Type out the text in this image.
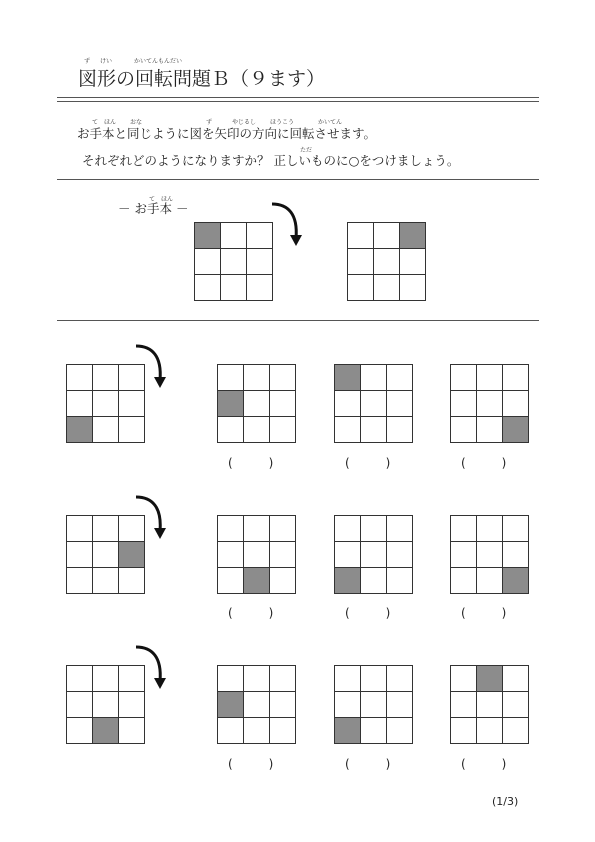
ず けい	かいてんもんだい
図形の回転問題Ｂ（９ます）
て ほん おな	ず	やじるし ほうこう	かいてん
お手本と同じように図を矢印の方向に回転させます。
ただ
それぞれどのようになりますか？ 正しいものに○をつけましょう。
て ほん
－ お手本 －
(　　　)	(　　　)	(　　　)
(　　　)	(　　　)	(　　　)
(　　　)	(　　　)	(　　　)
(1/3)
